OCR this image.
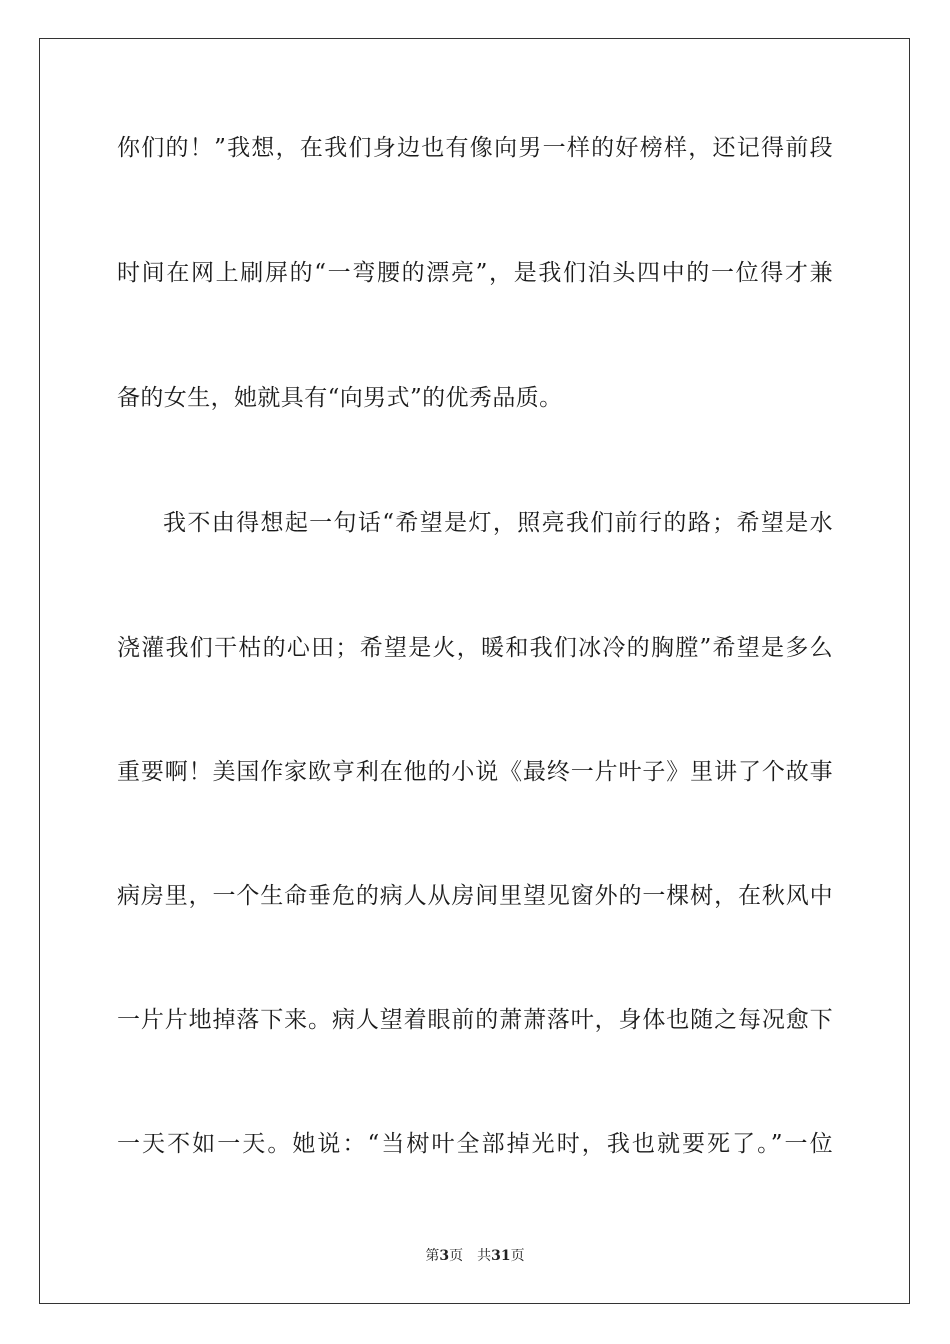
你们的！”我想，在我们身边也有像向男一样的好榜样，还记得前段
时间在网上刷屏的“一弯腰的漂亮”，是我们泊头四中的一位得才兼
备的女生，她就具有“向男式”的优秀品质。
我不由得想起一句话“希望是灯，照亮我们前行的路；希望是水
浇灌我们干枯的心田；希望是火，暖和我们冰冷的胸膛”希望是多么
重要啊！美国作家欧亨利在他的小说《最终一片叶子》里讲了个故事
病房里，一个生命垂危的病人从房间里望见窗外的一棵树，在秋风中
一片片地掉落下来。病人望着眼前的萧萧落叶，身体也随之每况愈下
一天不如一天。她说：“当树叶全部掉光时，我也就要死了。”一位
第3页 共31页
